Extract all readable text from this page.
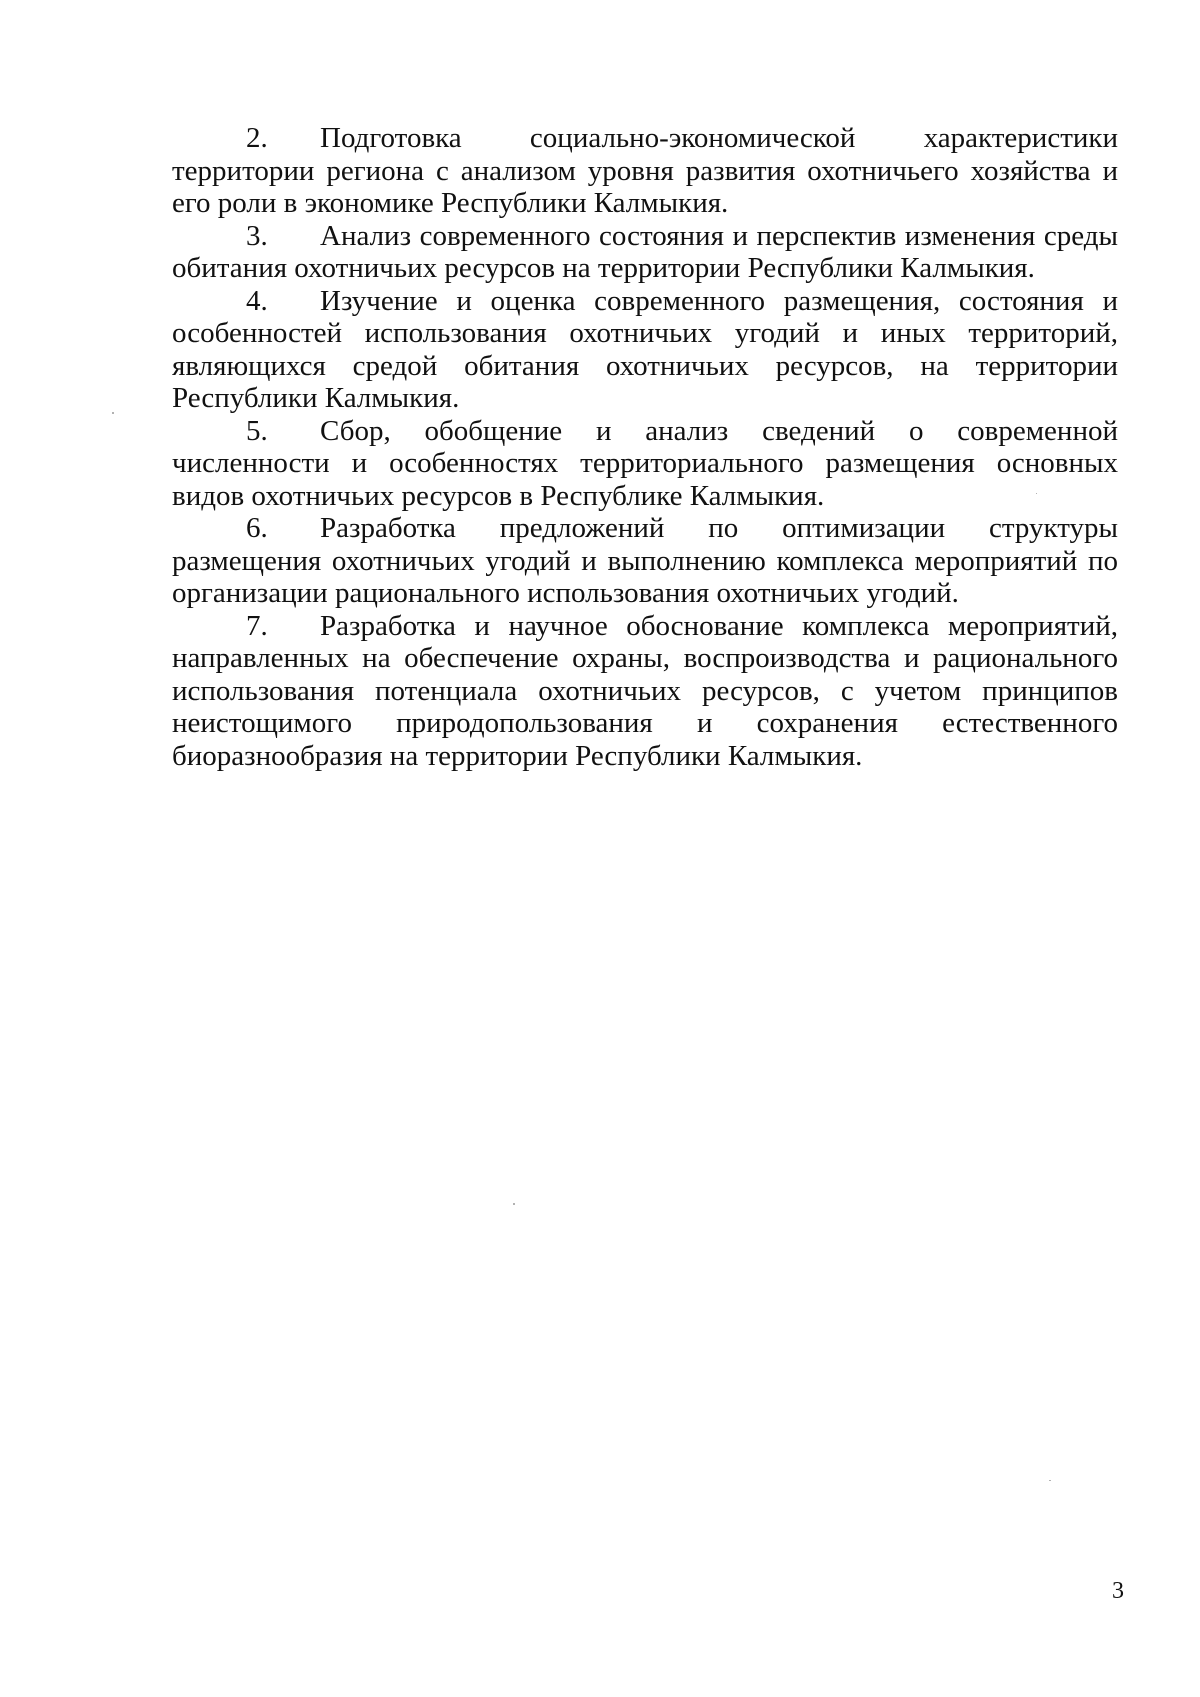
2. Подготовка социально-экономической характеристики территории региона с анализом уровня развития охотничьего хозяйства и его роли в экономике Республики Калмыкия.

3. Анализ современного состояния и перспектив изменения среды обитания охотничьих ресурсов на территории Республики Калмыкия.

4. Изучение и оценка современного размещения, состояния и особенностей использования охотничьих угодий и иных территорий, являющихся средой обитания охотничьих ресурсов, на территории Республики Калмыкия.

5. Сбор, обобщение и анализ сведений о современной численности и особенностях территориального размещения основных видов охотничьих ресурсов в Республике Калмыкия.

6. Разработка предложений по оптимизации структуры размещения охотничьих угодий и выполнению комплекса мероприятий по организации рационального использования охотничьих угодий.

7. Разработка и научное обоснование комплекса мероприятий, направленных на обеспечение охраны, воспроизводства и рационального использования потенциала охотничьих ресурсов, с учетом принципов неистощимого природопользования и сохранения естественного биоразнообразия на территории Республики Калмыкия.

3
